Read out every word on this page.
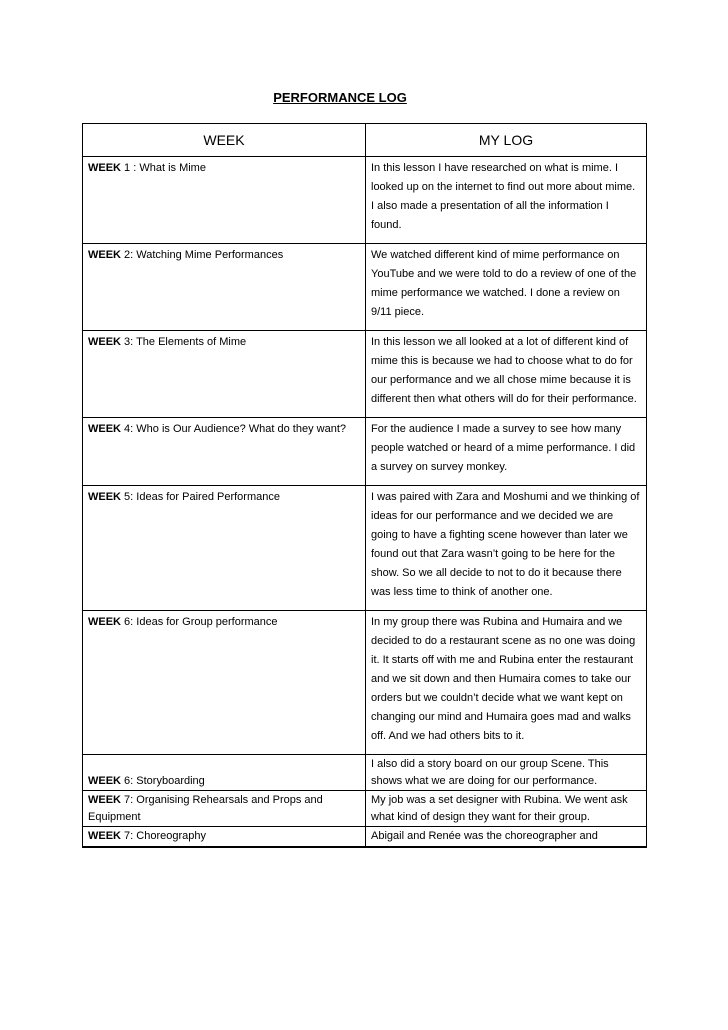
PERFORMANCE LOG
WEEK	MY LOG
WEEK 1 : What is Mime	In this lesson I have researched on what is mime. I looked up on the internet to find out more about mime. I also made a presentation of all the information I found.
WEEK 2: Watching Mime Performances	We watched different kind of mime performance on YouTube and we were told to do a review of one of the mime performance we watched. I done a review on 9/11 piece.
WEEK 3: The Elements of Mime	In this lesson we all looked at a lot of different kind of mime this is because we had to choose what to do for our performance and we all chose mime because it is different then what others will do for their performance.
WEEK 4: Who is Our Audience? What do they want?	For the audience I made a survey to see how many people watched or heard of a mime performance. I did a survey on survey monkey.
WEEK 5: Ideas for Paired Performance	I was paired with Zara and Moshumi and we thinking of ideas for our performance and we decided we are going to have a fighting scene however than later we found out that Zara wasn’t going to be here for the show. So we all decide to not to do it because there was less time to think of another one.
WEEK 6: Ideas for Group performance	In my group there was Rubina and Humaira and we decided to do a restaurant scene as no one was doing it. It starts off with me and Rubina enter the restaurant and we sit down and then Humaira comes to take our orders but we couldn’t decide what we want kept on changing our mind and Humaira goes mad and walks off. And we had others bits to it.
WEEK 6: Storyboarding	I also did a story board on our group Scene. This shows what we are doing for our performance.
WEEK 7: Organising Rehearsals and Props and Equipment	My job was a set designer with Rubina. We went ask what kind of design they want for their group.
WEEK 7: Choreography	Abigail and Renée was the choreographer and
